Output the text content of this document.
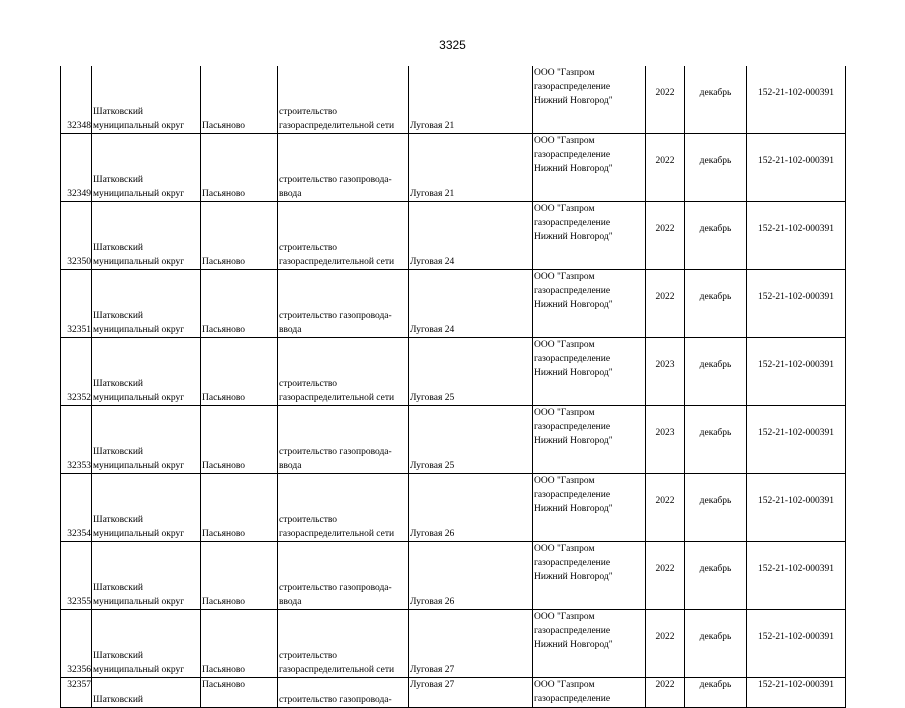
3325
32348	Шатковский
муниципальный округ	Пасьяново	строительство
газораспределительной сети	Луговая 21	ООО "Газпром
газораспределение
Нижний Новгород"	2022	декабрь	152-21-102-000391

32349	Шатковский
муниципальный округ	Пасьяново	строительство газопровода-
ввода	Луговая 21	ООО "Газпром
газораспределение
Нижний Новгород"	2022	декабрь	152-21-102-000391

32350	Шатковский
муниципальный округ	Пасьяново	строительство
газораспределительной сети	Луговая 24	ООО "Газпром
газораспределение
Нижний Новгород"	2022	декабрь	152-21-102-000391

32351	Шатковский
муниципальный округ	Пасьяново	строительство газопровода-
ввода	Луговая 24	ООО "Газпром
газораспределение
Нижний Новгород"	2022	декабрь	152-21-102-000391

32352	Шатковский
муниципальный округ	Пасьяново	строительство
газораспределительной сети	Луговая 25	ООО "Газпром
газораспределение
Нижний Новгород"	2023	декабрь	152-21-102-000391

32353	Шатковский
муниципальный округ	Пасьяново	строительство газопровода-
ввода	Луговая 25	ООО "Газпром
газораспределение
Нижний Новгород"	2023	декабрь	152-21-102-000391

32354	Шатковский
муниципальный округ	Пасьяново	строительство
газораспределительной сети	Луговая 26	ООО "Газпром
газораспределение
Нижний Новгород"	2022	декабрь	152-21-102-000391

32355	Шатковский
муниципальный округ	Пасьяново	строительство газопровода-
ввода	Луговая 26	ООО "Газпром
газораспределение
Нижний Новгород"	2022	декабрь	152-21-102-000391

32356	Шатковский
муниципальный округ	Пасьяново	строительство
газораспределительной сети	Луговая 27	ООО "Газпром
газораспределение
Нижний Новгород"	2022	декабрь	152-21-102-000391

32357	Шатковский	Пасьяново	строительство газопровода-	Луговая 27	ООО "Газпром
газораспределение	2022	декабрь	152-21-102-000391
